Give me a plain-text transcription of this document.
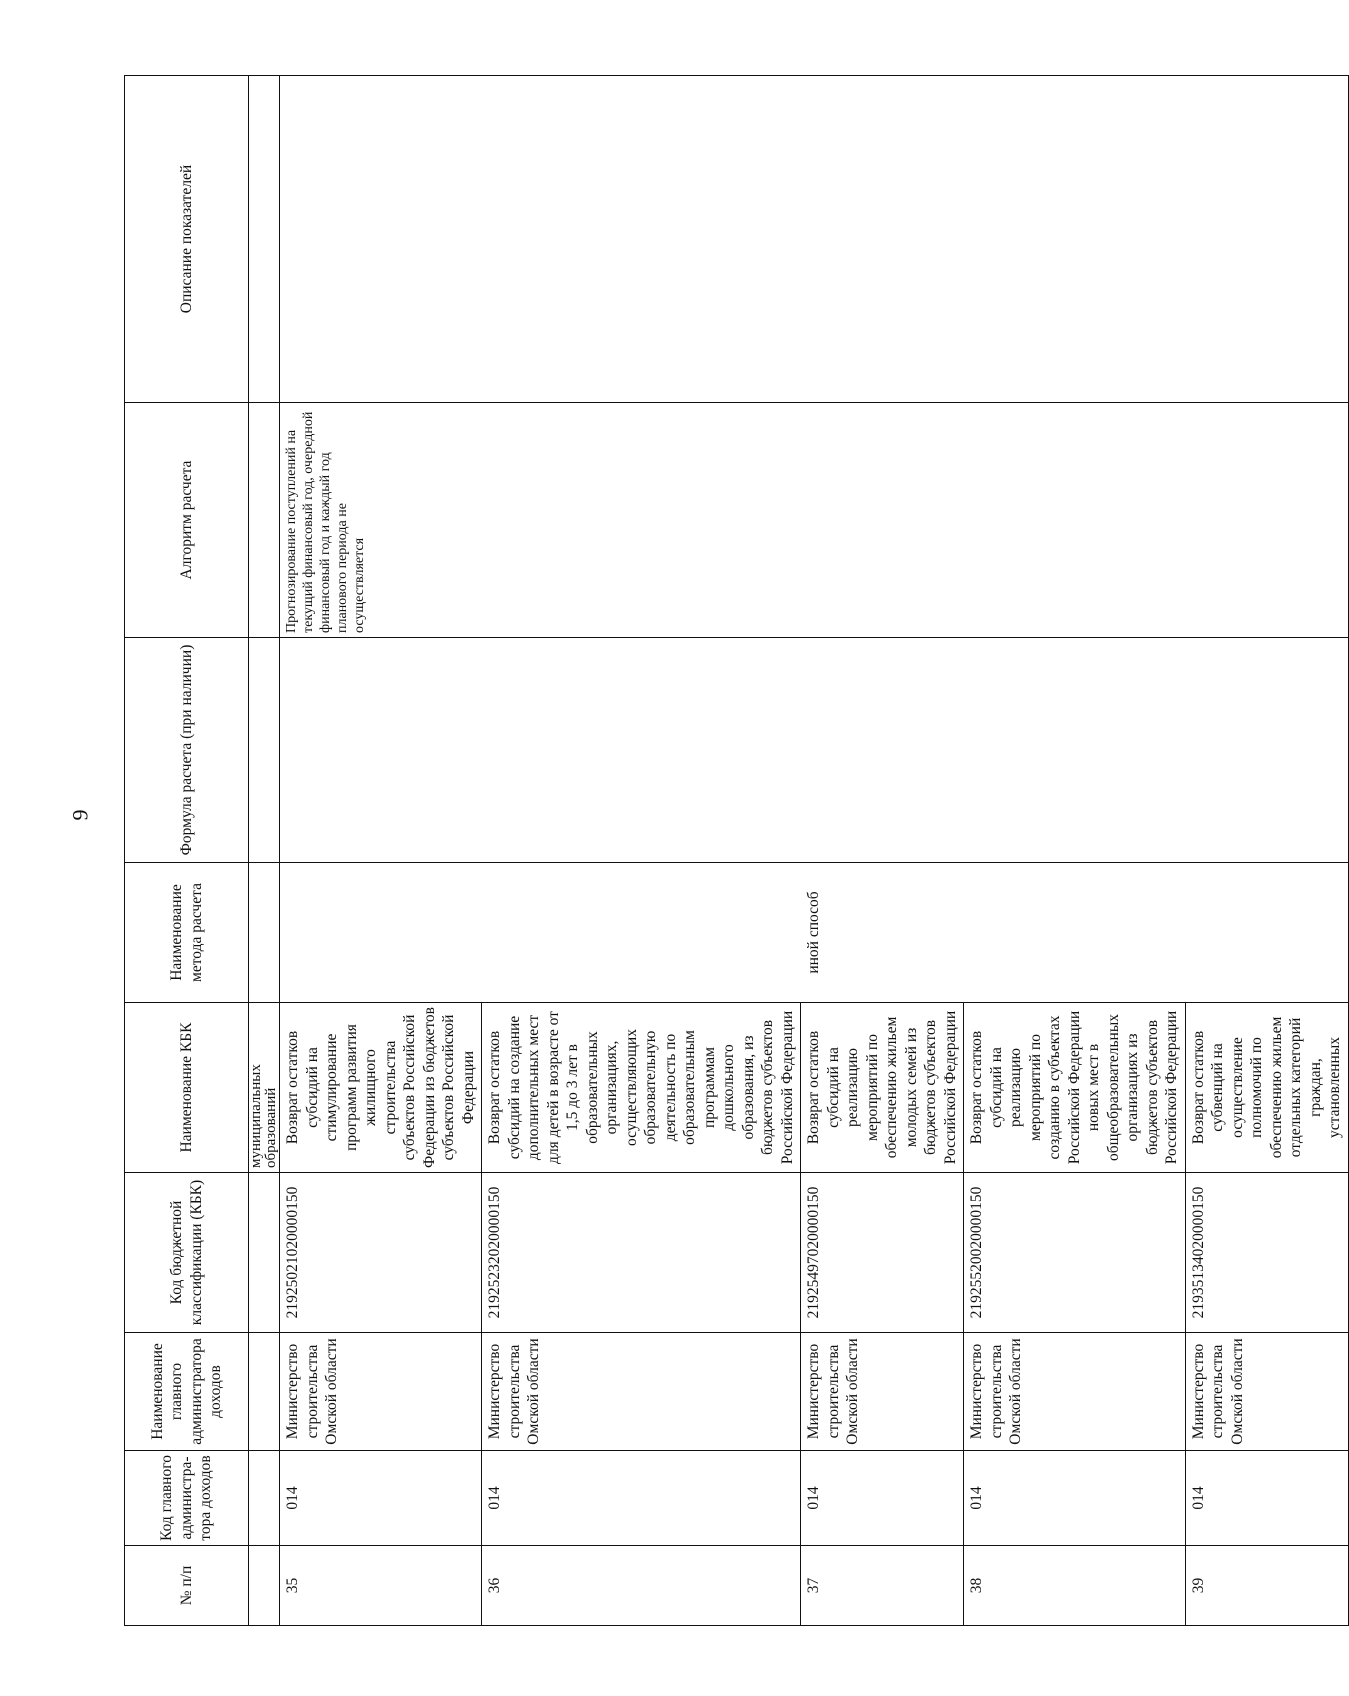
9
№ п/п	Код главного администра-тора доходов	Наименование главного администратора доходов	Код бюджетной классификации (КБК)	Наименование КБК	Наименование метода расчета	Формула расчета (при наличии)	Алгоритм расчета	Описание показателей
				муниципальных образований				
35	014	Министерство строительства Омской области	21925021020000150	Возврат остатков субсидий на стимулирование программ развития жилищного строительства субъектов Российской Федерации из бюджетов субъектов Российской Федерации	иной способ		Прогнозирование поступлений на текущий финансовый год, очередной финансовый год и каждый год планового периода не осуществляется	
36	014	Министерство строительства Омской области	21925232020000150	Возврат остатков субсидий на создание дополнительных мест для детей в возрасте от 1,5 до 3 лет в образовательных организациях, осуществляющих образовательную деятельность по образовательным программам дошкольного образования, из бюджетов субъектов Российской Федерации				
37	014	Министерство строительства Омской области	21925497020000150	Возврат остатков субсидий на реализацию мероприятий по обеспечению жильем молодых семей из бюджетов субъектов Российской Федерации				
38	014	Министерство строительства Омской области	21925520020000150	Возврат остатков субсидий на реализацию мероприятий по созданию в субъектах Российской Федерации новых мест в общеобразовательных организациях из бюджетов субъектов Российской Федерации				
39	014	Министерство строительства Омской области	21935134020000150	Возврат остатков субвенций на осуществление полномочий по обеспечению жильем отдельных категорий граждан, установленных				
